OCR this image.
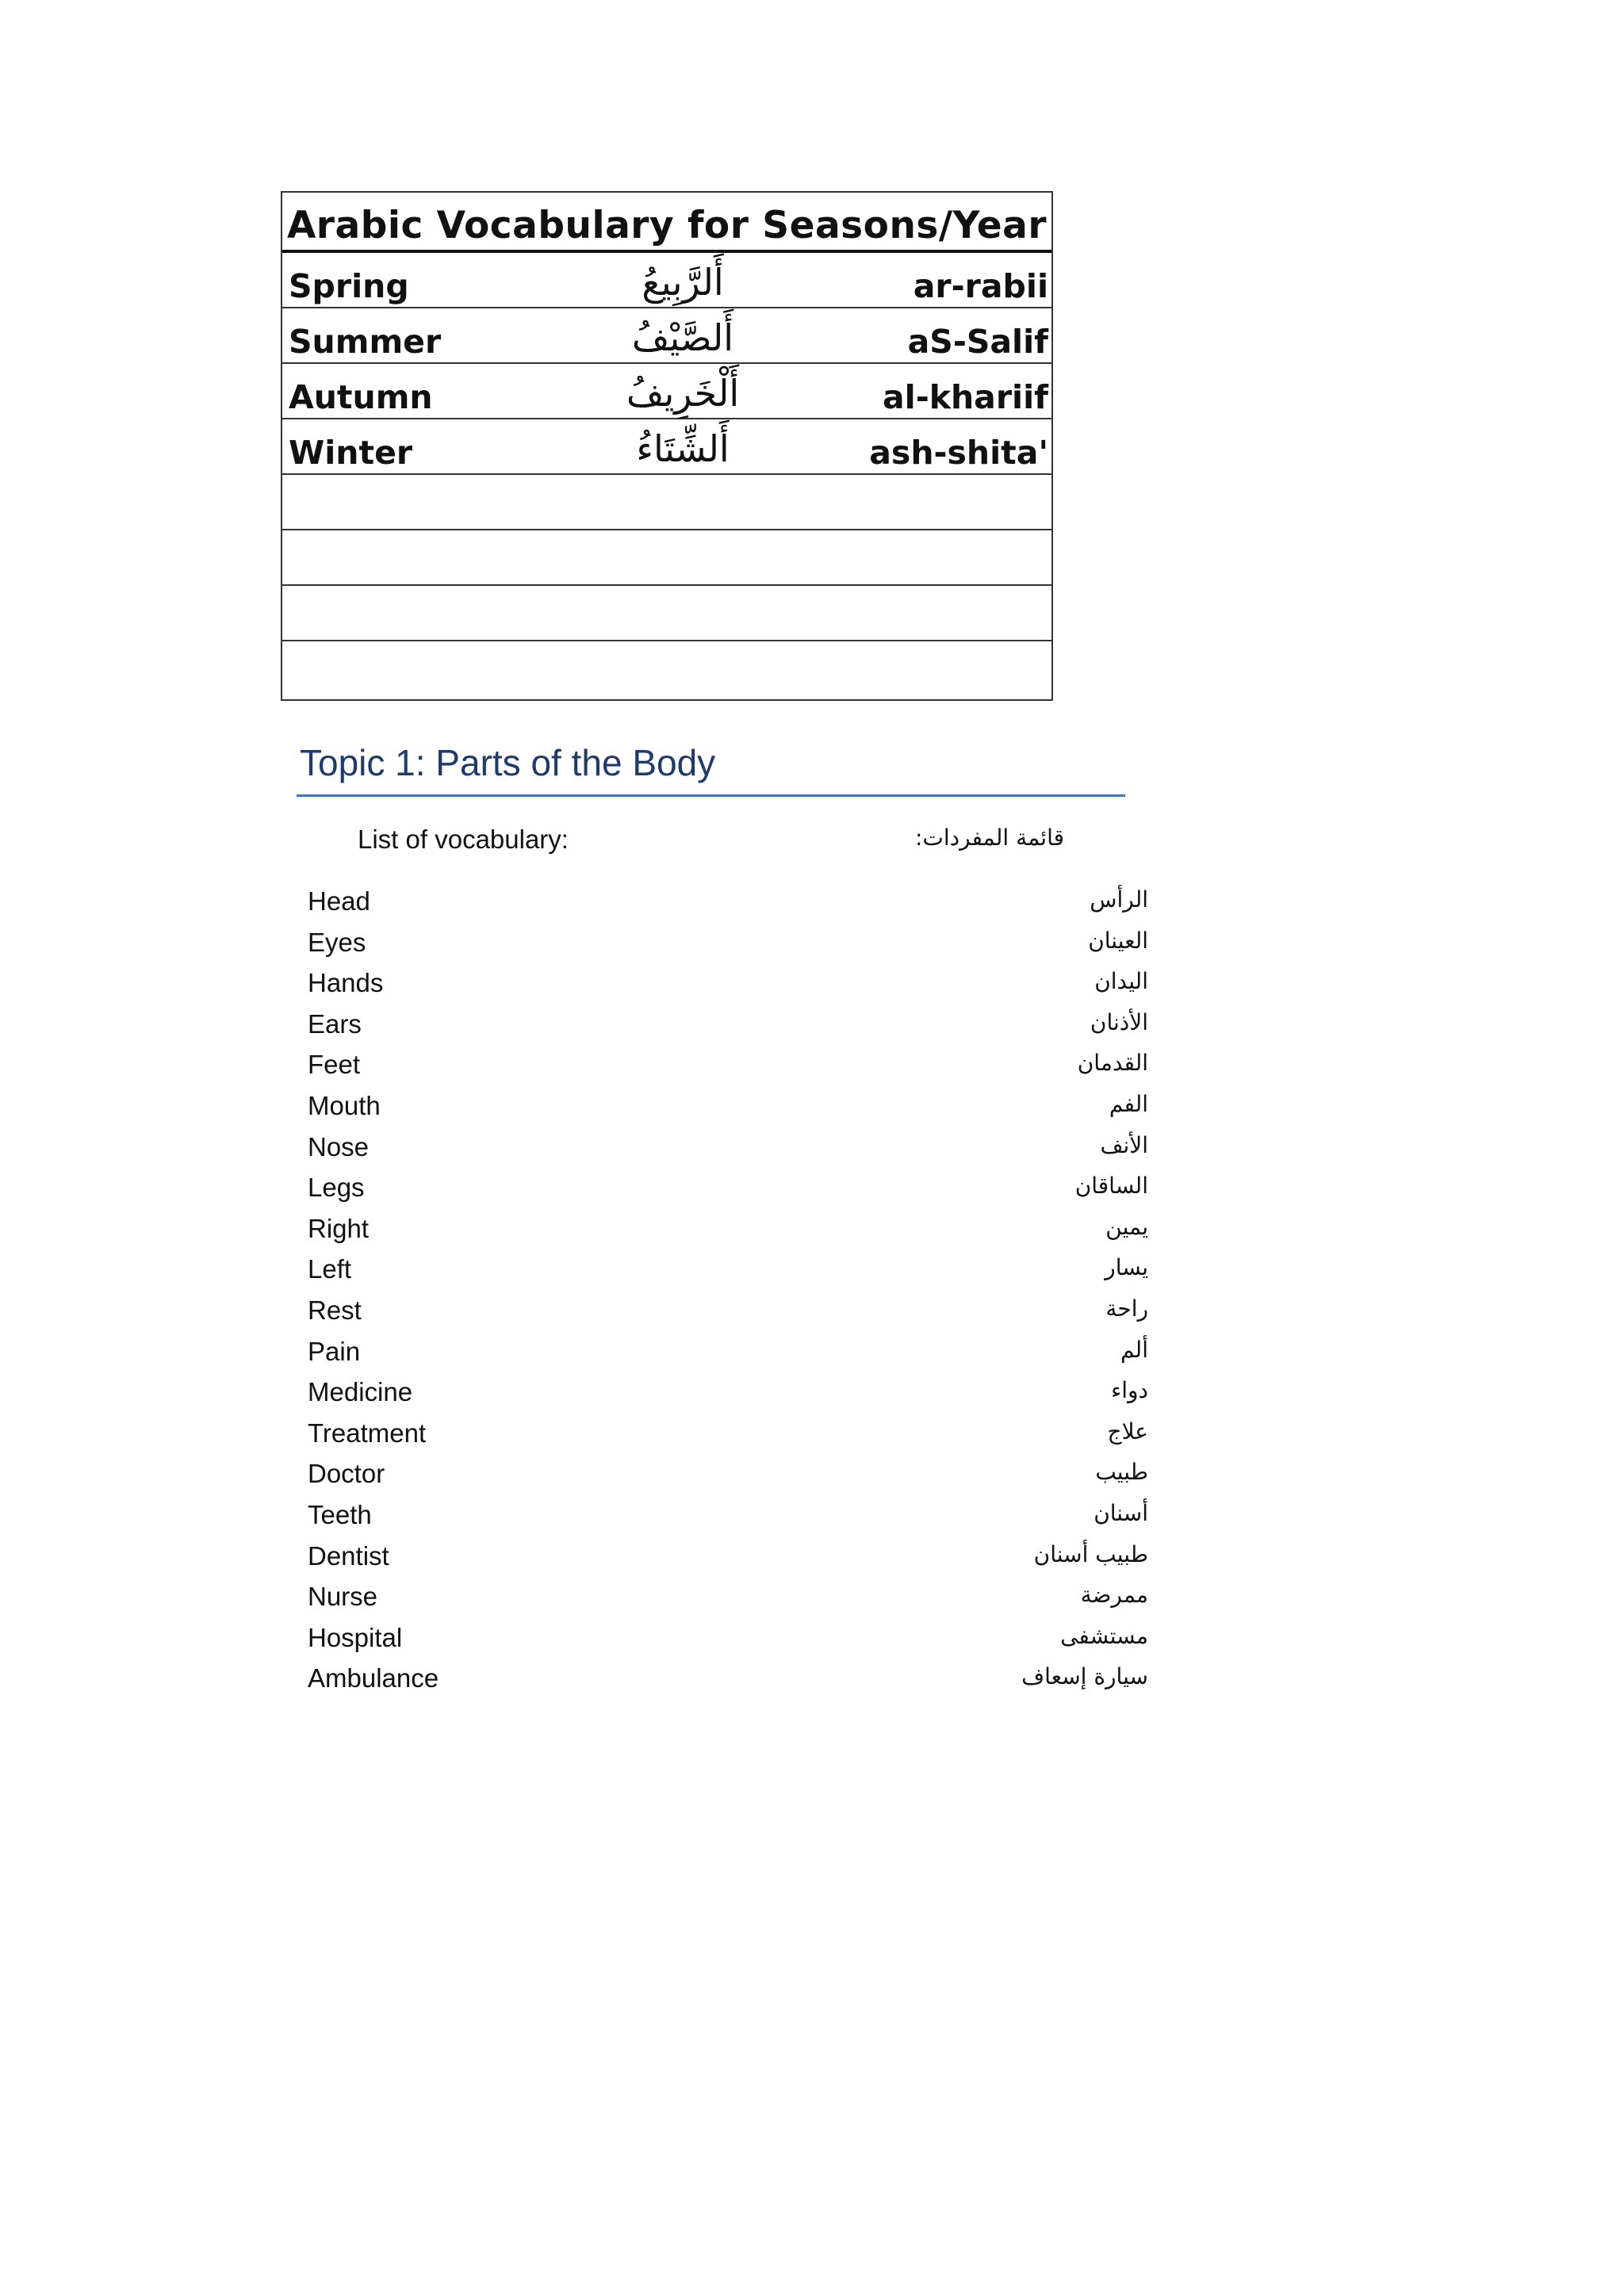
Arabic Vocabulary for Seasons/Year
Spring	أَلرَّبِيعُ	ar-rabii
Summer	أَلصَّيْفُ	aS-Salif
Autumn	أَلْخَرِيفُ	al-khariif
Winter	أَلشِّتَاءُ	ash-shita'
Topic 1: Parts of the Body
List of vocabulary:	قائمة المفردات:
Head	الرأس
Eyes	العينان
Hands	اليدان
Ears	الأذنان
Feet	القدمان
Mouth	الفم
Nose	الأنف
Legs	الساقان
Right	يمين
Left	يسار
Rest	راحة
Pain	ألم
Medicine	دواء
Treatment	علاج
Doctor	طبيب
Teeth	أسنان
Dentist	طبيب أسنان
Nurse	ممرضة
Hospital	مستشفى
Ambulance	سيارة إسعاف
